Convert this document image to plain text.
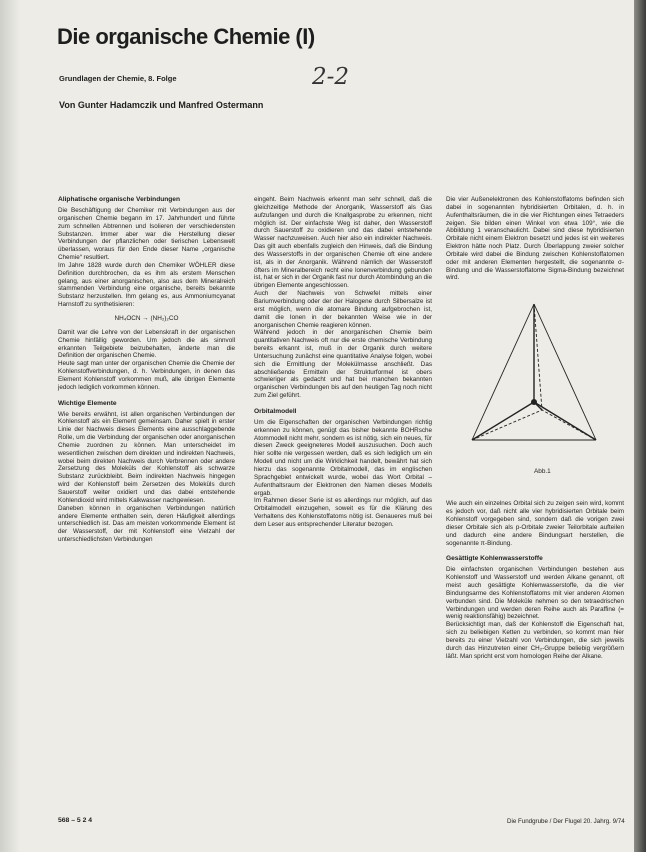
Die organische Chemie (I)
Grundlagen der Chemie, 8. Folge	2-2
Von Gunter Hadamczik und Manfred Ostermann
Aliphatische organische Verbindungen

Die Beschäftigung der Chemiker mit Verbindungen aus der organischen Chemie begann im 17. Jahrhundert und führte zum schnellen Abtrennen und Isolieren der verschiedensten Substanzen. Immer aber war die Herstellung dieser Verbindungen der pflanzlichen oder tierischen Lebenswelt überlassen, woraus für den Ende dieser Name „organische Chemie“ resultiert.

Im Jahre 1828 wurde durch den Chemiker WÖHLER diese Definition durchbrochen, da es ihm als erstem Menschen gelang, aus einer anorganischen, also aus dem Mineralreich stammenden Verbindung eine organische, bereits bekannte Substanz herzustellen. Ihm gelang es, aus Ammoniumcyanat Harnstoff zu synthetisieren:

NH₄OCN → (NH₂)₂CO

Damit war die Lehre von der Lebenskraft in der organischen Chemie hinfällig geworden. Um jedoch die als sinnvoll erkannten Teilgebiete beizubehalten, änderte man die Definition der organischen Chemie.

Heute sagt man unter der organischen Chemie die Chemie der Kohlenstoffverbindungen, d. h. Verbindungen, in denen das Element Kohlenstoff vorkommen muß, alle übrigen Elemente jedoch lediglich vorkommen können.

Wichtige Elemente

Wie bereits erwähnt, ist allen organischen Verbindungen der Kohlenstoff als ein Element gemeinsam. Daher spielt in erster Linie der Nachweis dieses Elements eine ausschlaggebende Rolle, um die Verbindung der organischen oder anorganischen Chemie zuordnen zu können. Man unterscheidet im wesentlichen zwischen dem direkten und indirekten Nachweis, wobei beim direkten Nachweis durch Verbrennen oder andere Zersetzung des Moleküls der Kohlenstoff als schwarze Substanz zurückbleibt. Beim indirekten Nachweis hingegen wird der Kohlenstoff beim Zersetzen des Moleküls durch Sauerstoff weiter oxidiert und das dabei entstehende Kohlendioxid wird mittels Kalkwasser nachgewiesen.

Daneben können in organischen Verbindungen natürlich andere Elemente enthalten sein, deren Häufigkeit allerdings unterschiedlich ist. Das am meisten vorkommende Element ist der Wasserstoff, der mit Kohlenstoff eine Vielzahl der unterschiedlichsten Verbindungen

eingeht. Beim Nachweis erkennt man sehr schnell, daß die gleichzeitige Methode der Anorganik, Wasserstoff als Gas aufzufangen und durch die Knallgasprobe zu erkennen, nicht möglich ist. Der einfachste Weg ist daher, den Wasserstoff durch Sauerstoff zu oxidieren und das dabei entstehende Wasser nachzuweisen. Auch hier also ein indirekter Nachweis. Das gilt auch ebenfalls zugleich den Hinweis, daß die Bindung des Wasserstoffs in der organischen Chemie oft eine andere ist, als in der Anorganik. Während nämlich der Wasserstoff öfters im Mineralbereich recht eine lonenverbindung gebunden ist, hat er sich in der Organik fast nur durch Atombindung an die übrigen Elemente angeschlossen.

Auch der Nachweis von Schwefel mittels einer Bariumverbindung oder der der Halogene durch Silbersalze ist erst möglich, wenn die atomare Bindung aufgebrochen ist, damit die Ionen in der bekannten Weise wie in der anorganischen Chemie reagieren können.

Während jedoch in der anorganischen Chemie beim quantitativen Nachweis oft nur die erste chemische Verbindung bereits erkannt ist, muß in der Organik durch weitere Untersuchung zunächst eine quantitative Analyse folgen, wobei sich die Ermittlung der Molekülmasse anschließt. Das abschließende Ermitteln der Strukturformel ist obers schwieriger als gedacht und hat bei manchen bekannten organischen Verbindungen bis auf den heutigen Tag noch nicht zum Ziel geführt.

Orbitalmodell

Um die Eigenschaften der organischen Verbindungen richtig erkennen zu können, genügt das bisher bekannte BOHRsche Atommodell nicht mehr, sondern es ist nötig, sich ein neues, für diesen Zweck geeigneteres Modell auszusuchen. Doch auch hier sollte nie vergessen werden, daß es sich lediglich um ein Modell und nicht um die Wirklichkeit handelt, bewährt hat sich hierzu das sogenannte Orbitalmodell, das im englischen Sprachgebiet entwickelt wurde, wobei das Wort Orbital – Aufenthaltsraum der Elektronen den Namen dieses Modells ergab.

Im Rahmen dieser Serie ist es allerdings nur möglich, auf das Orbitalmodell einzugehen, soweit es für die Klärung des Verhaltens des Kohlenstoffatoms nötig ist. Genaueres muß bei dem Leser aus entsprechender Literatur bezogen.

Die vier Außenelektronen des Kohlenstoffatoms befinden sich dabei in sogenannten hybridisierten Orbitalen, d. h. in Aufenthaltsräumen, die in die vier Richtungen eines Tetraeders zeigen. Sie bilden einen Winkel von etwa 109°, wie die Abbildung 1 veranschaulicht. Dabei sind diese hybridisierten Orbitale nicht einem Elektron besetzt und jedes ist ein weiteres Elektron hätte noch Platz. Durch Überlappung zweier solcher Orbitale wird dabei die Bindung zwischen Kohlenstoffatomen oder mit anderen Elementen hergestellt, die sogenannte σ-Bindung und die Wasserstoffatome Sigma-Bindung bezeichnet wird.

Abb.1

Wie auch ein einzelnes Orbital sich zu zeigen sein wird, kommt es jedoch vor, daß nicht alle vier hybridisierten Orbitale beim Kohlenstoff vorgegeben sind, sondern daß die vorigen zwei dieser Orbitale sich als p-Orbitale zweier Teilorbitale aufteilen und dadurch eine andere Bindungsart herstellen, die sogenannte π-Bindung.

Gesättigte Kohlenwasserstoffe

Die einfachsten organischen Verbindungen bestehen aus Kohlenstoff und Wasserstoff und werden Alkane genannt, oft meist auch gesättigte Kohlenwasserstoffe, da die vier Bindungsarme des Kohlenstoffatoms mit vier anderen Atomen verbunden sind. Die Moleküle nehmen so den tetraedrischen Verbindungen und werden deren Reihe auch als Paraffine (= wenig reaktionsfähig) bezeichnet.

Berücksichtigt man, daß der Kohlenstoff die Eigenschaft hat, sich zu beliebigen Ketten zu verbinden, so kommt man hier bereits zu einer Vielzahl von Verbindungen, die sich jeweils durch das Hinzutreten einer CH₂-Gruppe beliebig vergrößern läßt. Man spricht erst vom homologen Reihe der Alkane.

568 – 5 2 4	Die Fundgrube / Der Flugel 20. Jahrg. 9/74
